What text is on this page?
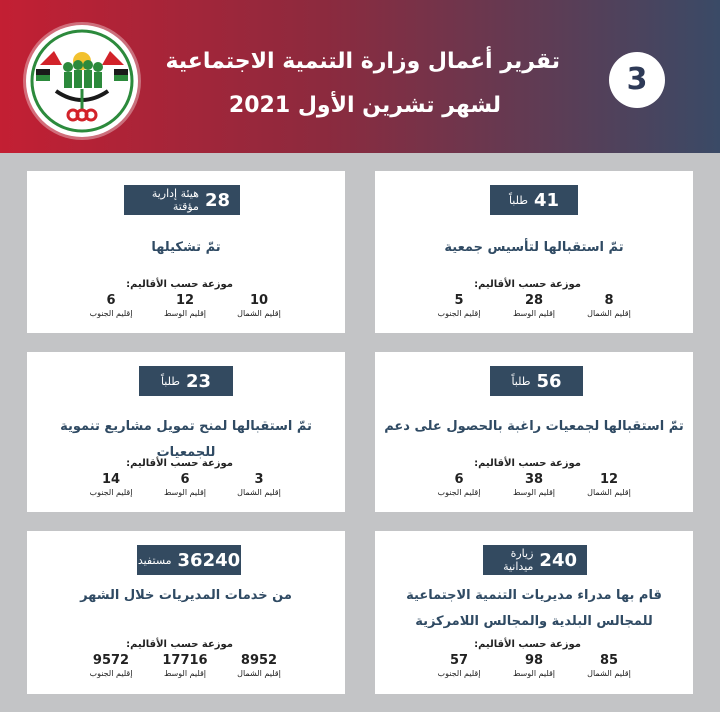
تقرير أعمال وزارة التنمية الاجتماعية
لشهر تشرين الأول 2021
3
41
طلباً
تمّ استقبالها لتأسيس جمعية
موزعة حسب الأقاليم:
8
إقليم الشمال
28
إقليم الوسط
5
إقليم الجنوب
28
هيئة إدارية مؤقتة
تمّ تشكيلها
موزعة حسب الأقاليم:
10
إقليم الشمال
12
إقليم الوسط
6
إقليم الجنوب
56
طلباً
تمّ استقبالها لجمعيات راغبة بالحصول على دعم
موزعة حسب الأقاليم:
12
إقليم الشمال
38
إقليم الوسط
6
إقليم الجنوب
23
طلباً
تمّ استقبالها لمنح تمويل مشاريع تنموية للجمعيات
موزعة حسب الأقاليم:
3
إقليم الشمال
6
إقليم الوسط
14
إقليم الجنوب
240
زيارة ميدانية
قام بها مدراء مديريات التنمية الاجتماعية للمجالس البلدية والمجالس اللامركزية
موزعة حسب الأقاليم:
85
إقليم الشمال
98
إقليم الوسط
57
إقليم الجنوب
36240
مستفيد
من خدمات المديريات خلال الشهر
موزعة حسب الأقاليم:
8952
إقليم الشمال
17716
إقليم الوسط
9572
إقليم الجنوب
